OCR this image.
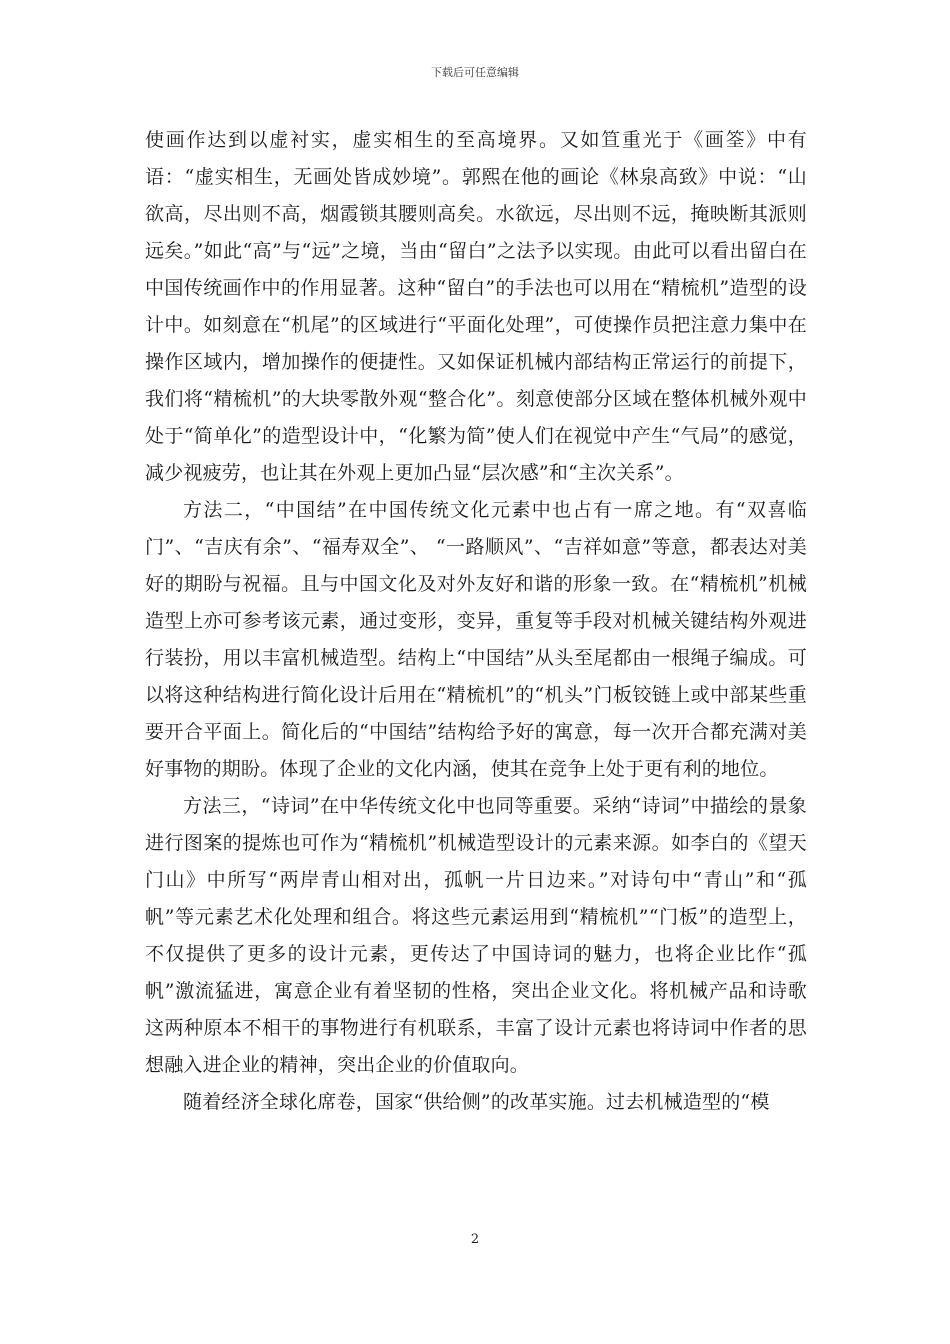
下载后可任意编辑

使画作达到以虚衬实，虚实相生的至高境界。又如笪重光于《画筌》中有语：“虚实相生，无画处皆成妙境”。郭熙在他的画论《林泉高致》中说：“山欲高，尽出则不高，烟霞锁其腰则高矣。水欲远，尽出则不远，掩映断其派则远矣。”如此“高”与“远”之境，当由“留白”之法予以实现。由此可以看出留白在中国传统画作中的作用显著。这种“留白”的手法也可以用在“精梳机”造型的设计中。如刻意在“机尾”的区域进行“平面化处理”，可使操作员把注意力集中在操作区域内，增加操作的便捷性。又如保证机械内部结构正常运行的前提下，我们将“精梳机”的大块零散外观“整合化”。刻意使部分区域在整体机械外观中处于“简单化”的造型设计中，“化繁为简”使人们在视觉中产生“气局”的感觉，减少视疲劳，也让其在外观上更加凸显“层次感”和“主次关系”。

方法二，“中国结”在中国传统文化元素中也占有一席之地。有“双喜临门”、“吉庆有余”、“福寿双全”、 “一路顺风”、“吉祥如意”等意，都表达对美好的期盼与祝福。且与中国文化及对外友好和谐的形象一致。在“精梳机”机械造型上亦可参考该元素，通过变形，变异，重复等手段对机械关键结构外观进行装扮，用以丰富机械造型。结构上“中国结”从头至尾都由一根绳子编成。可以将这种结构进行简化设计后用在“精梳机”的“机头”门板铰链上或中部某些重要开合平面上。简化后的“中国结”结构给予好的寓意，每一次开合都充满对美好事物的期盼。体现了企业的文化内涵，使其在竞争上处于更有利的地位。

方法三，“诗词”在中华传统文化中也同等重要。采纳“诗词”中描绘的景象进行图案的提炼也可作为“精梳机”机械造型设计的元素来源。如李白的《望天门山》中所写“两岸青山相对出，孤帆一片日边来。”对诗句中“青山”和“孤帆”等元素艺术化处理和组合。将这些元素运用到“精梳机”“门板”的造型上，不仅提供了更多的设计元素，更传达了中国诗词的魅力，也将企业比作“孤帆”激流猛进，寓意企业有着坚韧的性格，突出企业文化。将机械产品和诗歌这两种原本不相干的事物进行有机联系，丰富了设计元素也将诗词中作者的思想融入进企业的精神，突出企业的价值取向。

随着经济全球化席卷，国家“供给侧”的改革实施。过去机械造型的“模

2
